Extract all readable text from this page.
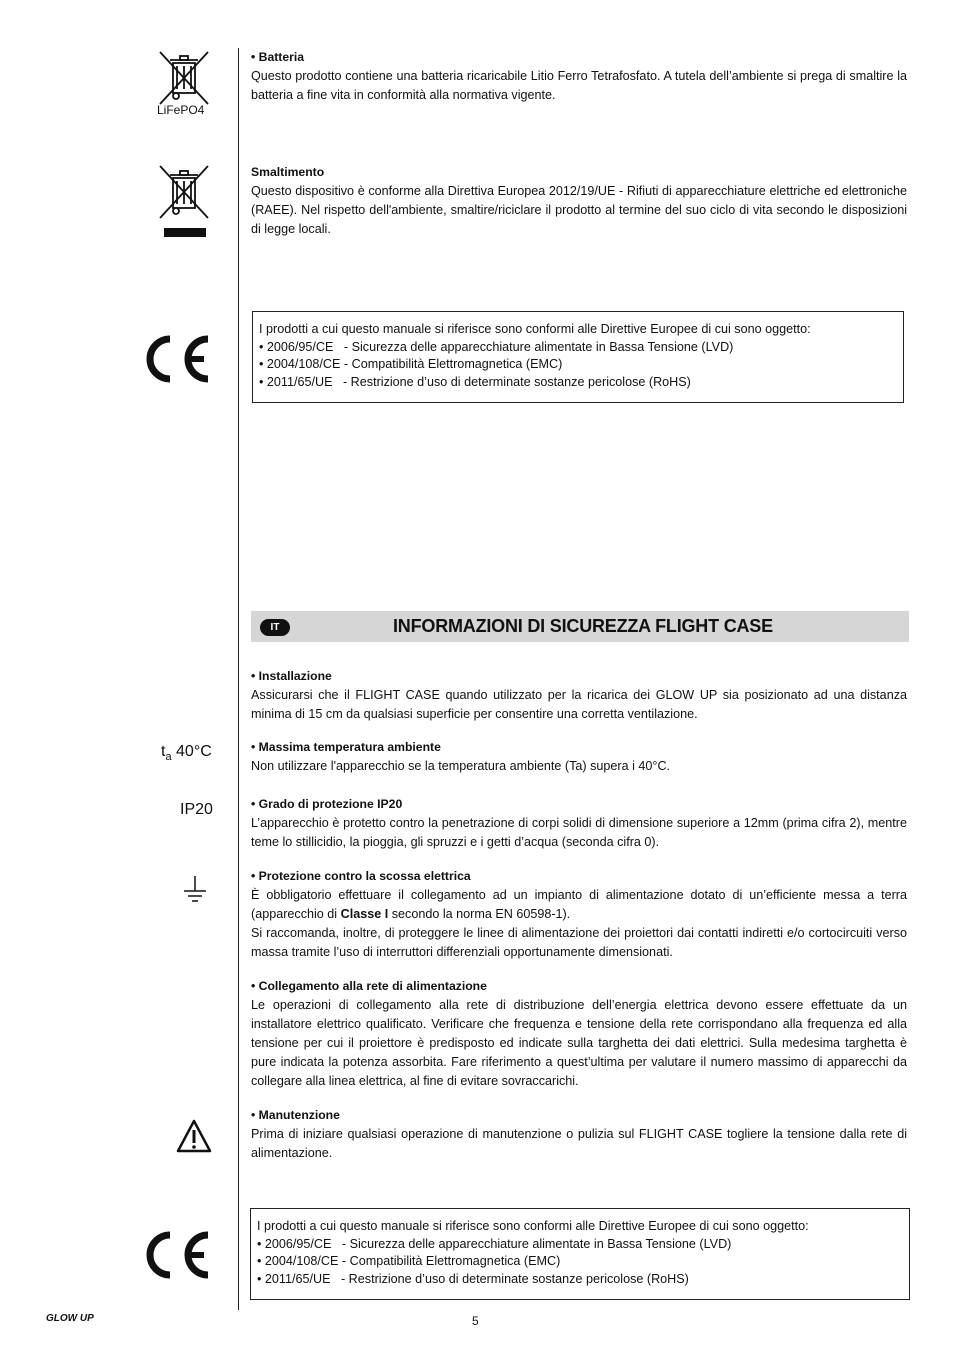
LiFePO4

• Batteria

Questo prodotto contiene una batteria ricaricabile Litio Ferro Tetrafosfato. A tutela dell’ambiente si prega di smaltire la batteria a fine vita in conformità alla normativa vigente.

Smaltimento

Questo dispositivo è conforme alla Direttiva Europea 2012/19/UE - Rifiuti di apparecchiature elettriche ed elettroniche (RAEE). Nel rispetto dell'ambiente, smaltire/riciclare il prodotto al termine del suo ciclo di vita secondo le disposizioni di legge locali.

I prodotti a cui questo manuale si riferisce sono conformi alle Direttive Europee di cui sono oggetto:
• 2006/95/CE   - Sicurezza delle apparecchiature alimentate in Bassa Tensione (LVD)
• 2004/108/CE - Compatibilità Elettromagnetica (EMC)
• 2011/65/UE   - Restrizione d’uso di determinate sostanze pericolose (RoHS)
IT	INFORMAZIONI DI SICUREZZA FLIGHT CASE

• Installazione

Assicurarsi che il FLIGHT CASE quando utilizzato per la ricarica dei GLOW UP sia posizionato ad una distanza minima di 15 cm da qualsiasi superficie per consentire una corretta ventilazione.

$t_a$ 40°C	• Massima temperatura ambiente

Non utilizzare l'apparecchio se la temperatura ambiente (Ta) supera i 40°C.

IP20	• Grado di protezione IP20

L’apparecchio è protetto contro la penetrazione di corpi solidi di dimensione superiore a 12mm (prima cifra 2), mentre teme lo stillicidio, la pioggia, gli spruzzi e i getti d’acqua (seconda cifra 0).

• Protezione contro la scossa elettrica

È obbligatorio effettuare il collegamento ad un impianto di alimentazione dotato di un’efficiente messa a terra (apparecchio di Classe I secondo la norma EN 60598-1).

Si raccomanda, inoltre, di proteggere le linee di alimentazione dei proiettori dai contatti indiretti e/o cortocircuiti verso massa tramite l’uso di interruttori differenziali opportunamente dimensionati.

• Collegamento alla rete di alimentazione

Le operazioni di collegamento alla rete di distribuzione dell’energia elettrica devono essere effettuate da un installatore elettrico qualificato. Verificare che frequenza e tensione della rete corrispondano alla frequenza ed alla tensione per cui il proiettore è predisposto ed indicate sulla targhetta dei dati elettrici. Sulla medesima targhetta è pure indicata la potenza assorbita. Fare riferimento a quest’ultima per valutare il numero massimo di apparecchi da collegare alla linea elettrica, al fine di evitare sovraccarichi.

• Manutenzione

Prima di iniziare qualsiasi operazione di manutenzione o pulizia sul FLIGHT CASE togliere la tensione dalla rete di alimentazione.

I prodotti a cui questo manuale si riferisce sono conformi alle Direttive Europee di cui sono oggetto:
• 2006/95/CE   - Sicurezza delle apparecchiature alimentate in Bassa Tensione (LVD)
• 2004/108/CE - Compatibilità Elettromagnetica (EMC)
• 2011/65/UE   - Restrizione d’uso di determinate sostanze pericolose (RoHS)
GLOW UP	5
